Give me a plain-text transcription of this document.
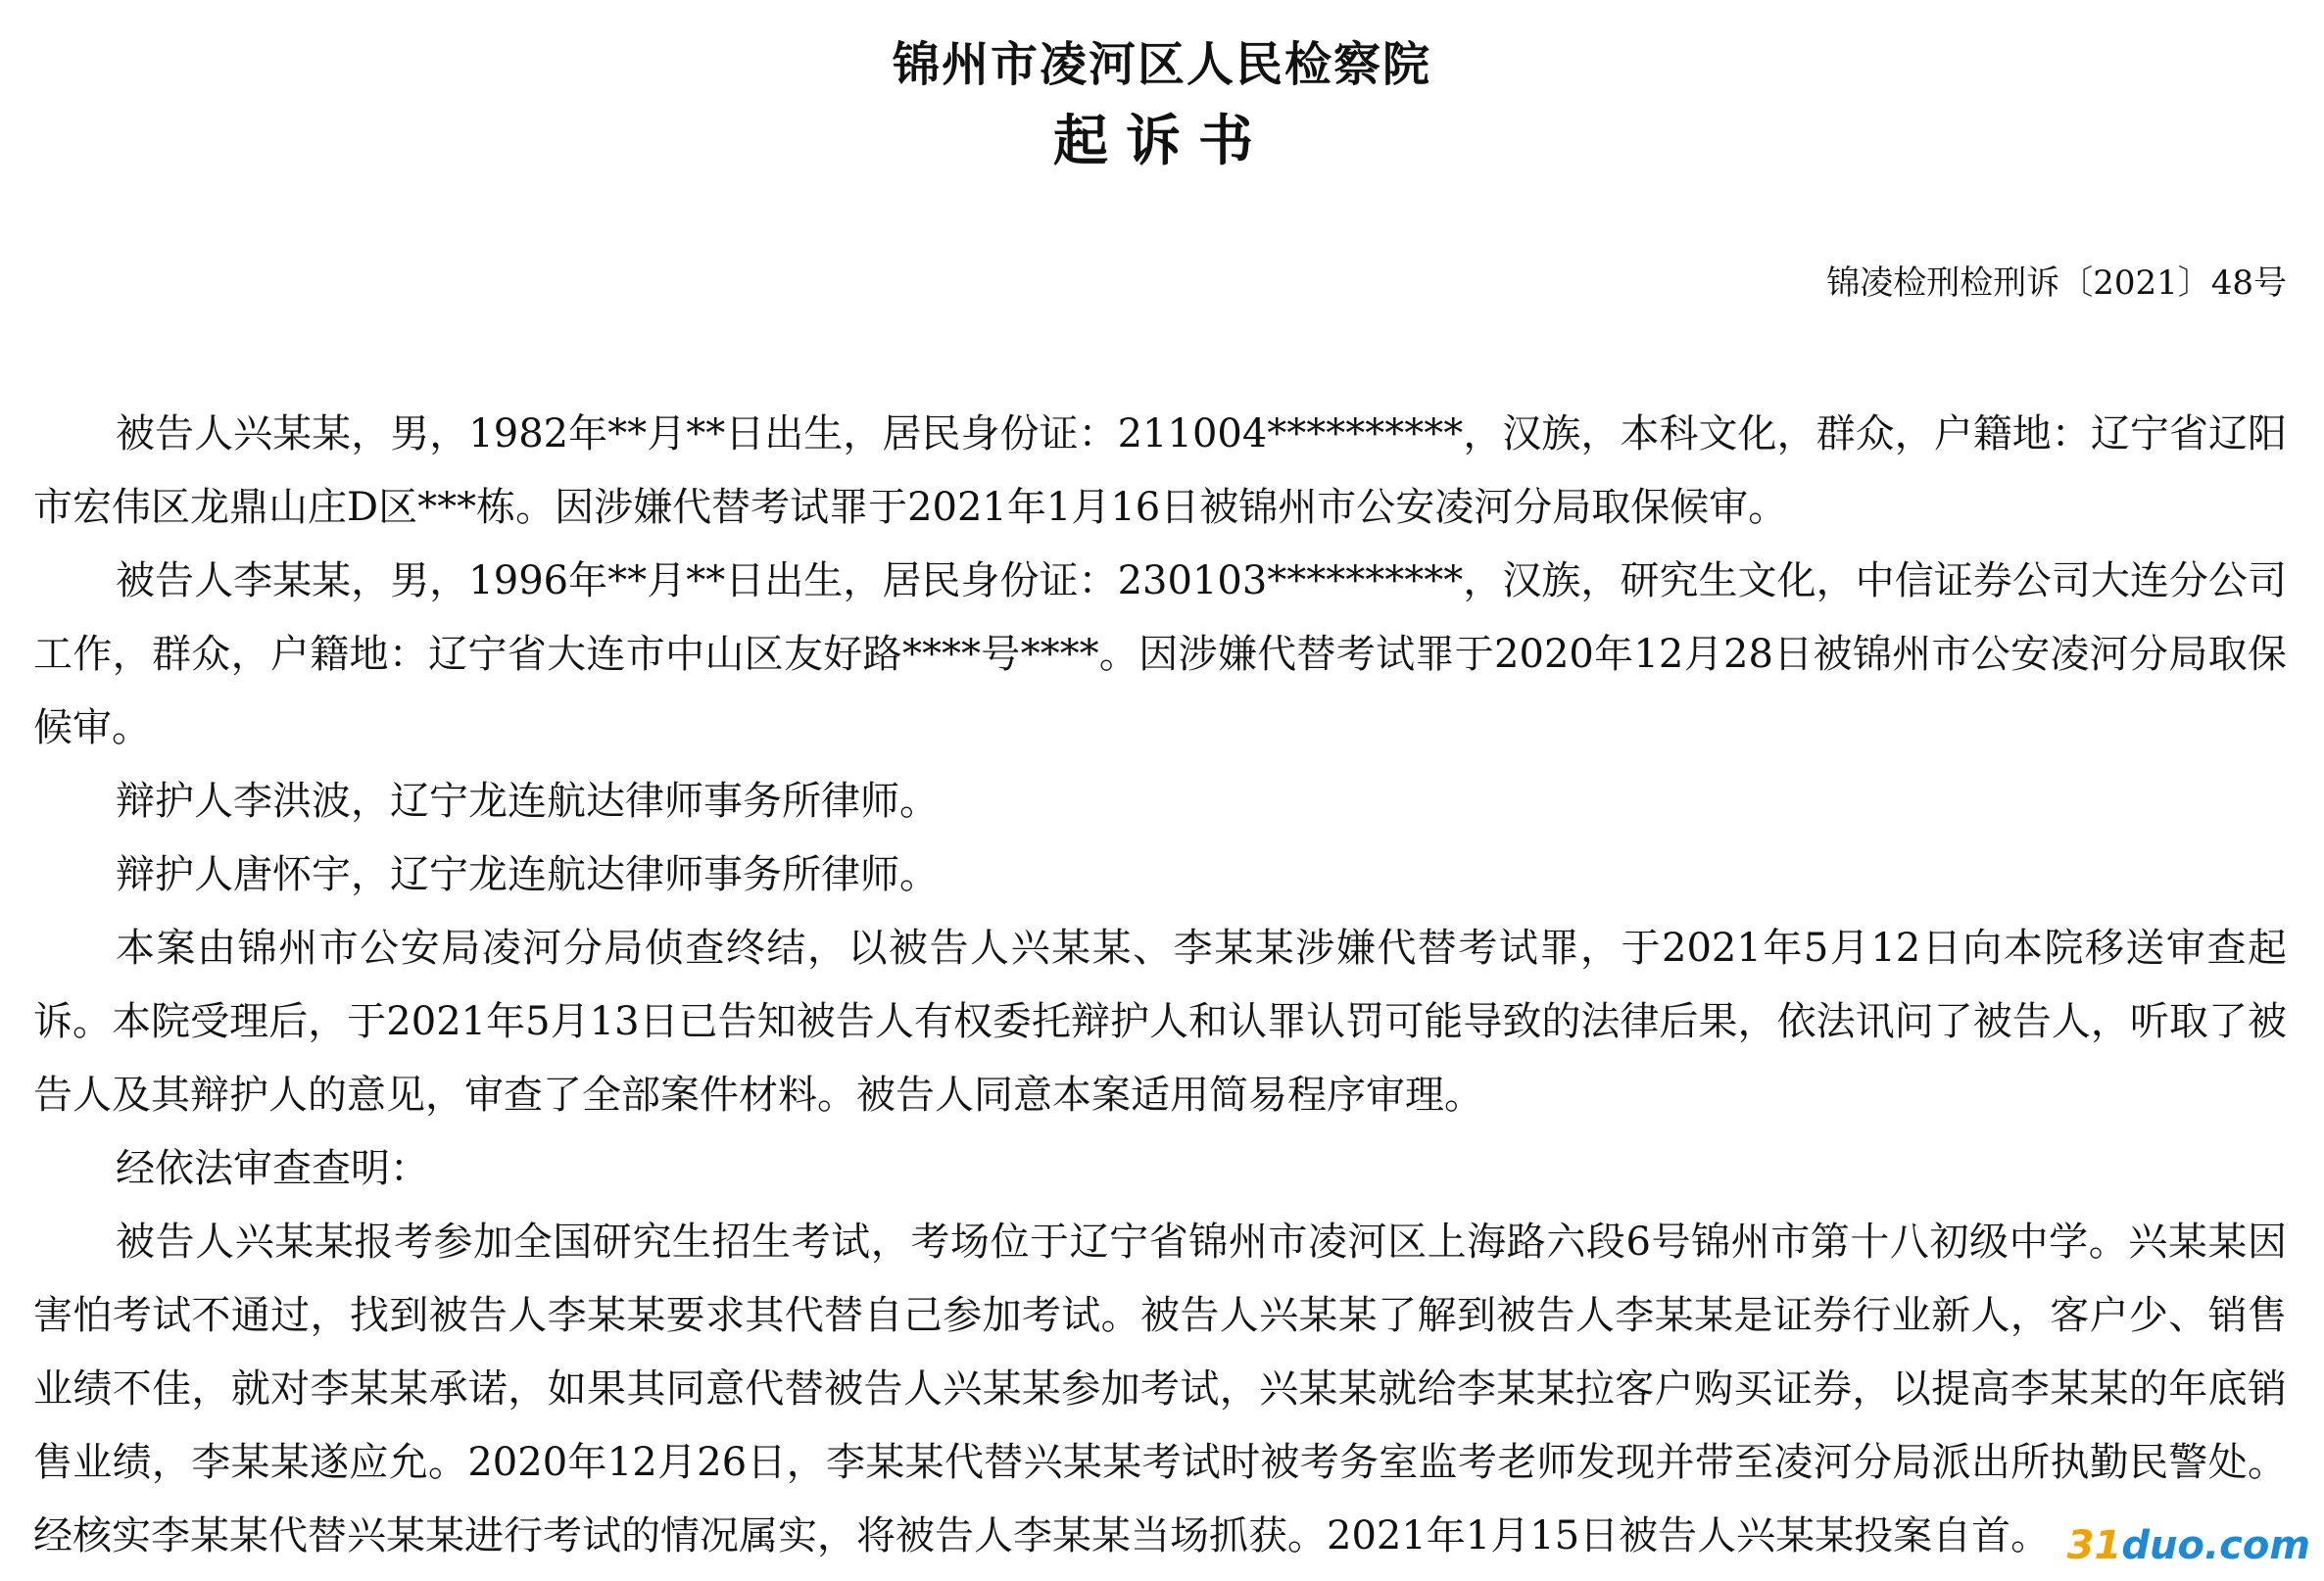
锦州市凌河区人民检察院
起诉书
锦凌检刑检刑诉〔2021〕48号

被告人兴某某，男，1982年**月**日出生，居民身份证：211004**********，汉族，本科文化，群众，户籍地：辽宁省辽阳市宏伟区龙鼎山庄D区***栋。因涉嫌代替考试罪于2021年1月16日被锦州市公安凌河分局取保候审。

被告人李某某，男，1996年**月**日出生，居民身份证：230103**********，汉族，研究生文化，中信证券公司大连分公司工作，群众，户籍地：辽宁省大连市中山区友好路****号****。因涉嫌代替考试罪于2020年12月28日被锦州市公安凌河分局取保候审。

辩护人李洪波，辽宁龙连航达律师事务所律师。

辩护人唐怀宇，辽宁龙连航达律师事务所律师。

本案由锦州市公安局凌河分局侦查终结，以被告人兴某某、李某某涉嫌代替考试罪，于2021年5月12日向本院移送审查起诉。本院受理后，于2021年5月13日已告知被告人有权委托辩护人和认罪认罚可能导致的法律后果，依法讯问了被告人，听取了被告人及其辩护人的意见，审查了全部案件材料。被告人同意本案适用简易程序审理。

经依法审查查明：

被告人兴某某报考参加全国研究生招生考试，考场位于辽宁省锦州市凌河区上海路六段6号锦州市第十八初级中学。兴某某因害怕考试不通过，找到被告人李某某要求其代替自己参加考试。被告人兴某某了解到被告人李某某是证券行业新人，客户少、销售业绩不佳，就对李某某承诺，如果其同意代替被告人兴某某参加考试，兴某某就给李某某拉客户购买证券，以提高李某某的年底销售业绩，李某某遂应允。2020年12月26日，李某某代替兴某某考试时被考务室监考老师发现并带至凌河分局派出所执勤民警处。经核实李某某代替兴某某进行考试的情况属实，将被告人李某某当场抓获。2021年1月15日被告人兴某某投案自首。 31duo.com
